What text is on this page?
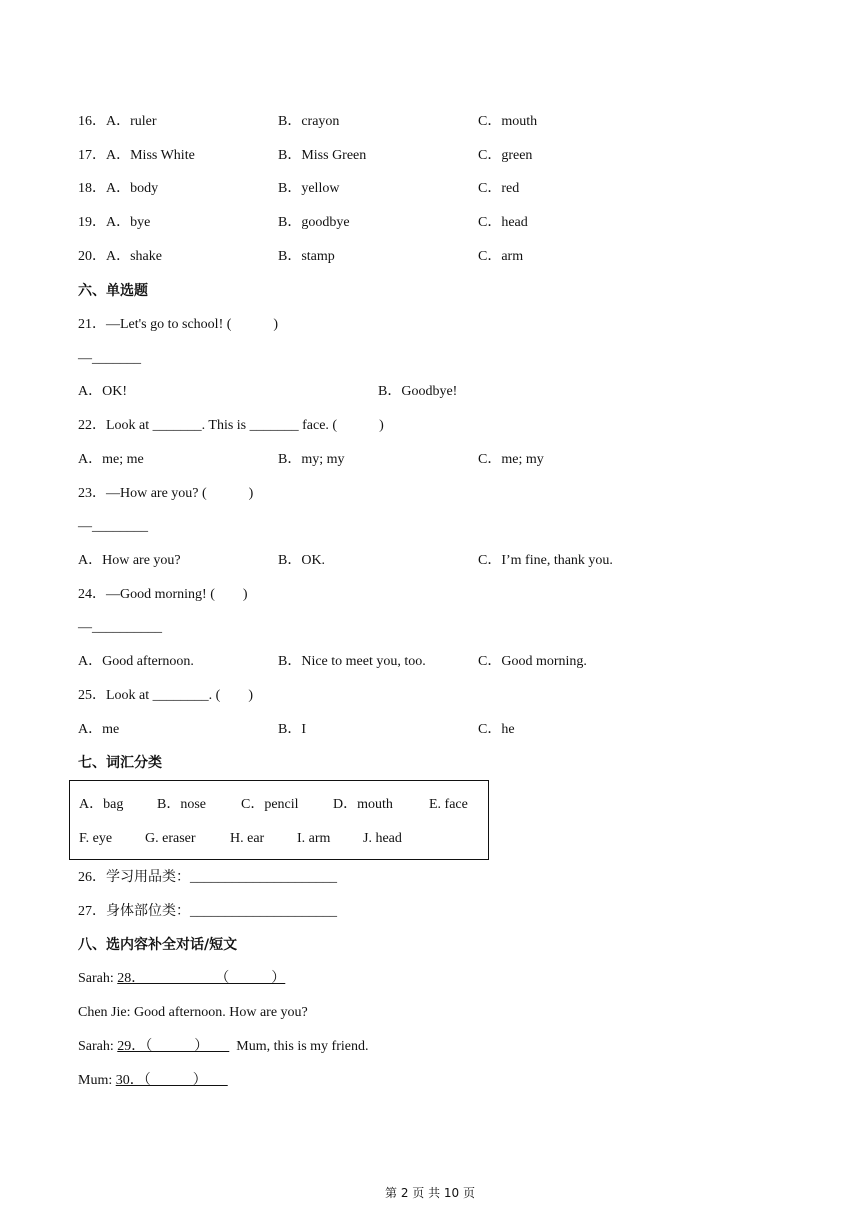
16．A．ruler	B．crayon	C．mouth
17．A．Miss White	B．Miss Green	C．green
18．A．body	B．yellow	C．red
19．A．bye	B．goodbye	C．head
20．A．shake	B．stamp	C．arm
六、单选题
21．—Let's go to school! (　　　)
—_______
A．OK!	B．Goodbye!
22．Look at _______. This is _______ face. (　　　)
A．me; me	B．my; my	C．me; my
23．—How are you? (　　　)
—________
A．How are you?	B．OK.	C．I’m fine, thank you.
24．—Good morning! (　　)
—__________
A．Good afternoon.	B．Nice to meet you, too.	C．Good morning.
25．Look at ________. (　　)
A．me	B．I	C．he
七、词汇分类
A．bag B．nose	C．pencil D．mouth	E. face
F. eye G. eraser H. ear I. arm J. head
26．学习用品类：_____________________
27．身体部位类：_____________________
八、选内容补全对话/短文
Sarah: 28．                    （　　　）
Chen Jie: Good afternoon. How are you?
Sarah: 29．（　　　）        Mum, this is my friend.
Mum: 30．（　　　）
第 2 页 共 10 页
